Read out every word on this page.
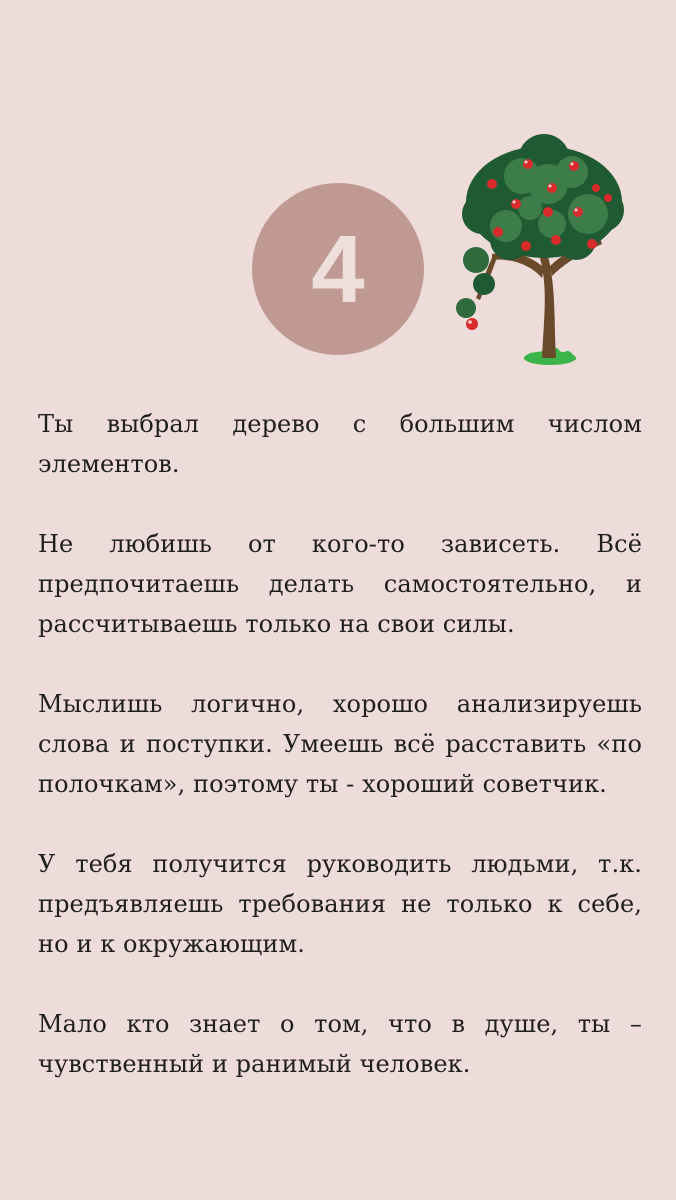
4

Ты выбрал дерево с большим числом элементов.

Не любишь от кого-то зависеть. Всё предпочитаешь делать самостоятельно, и рассчитываешь только на свои силы.

Мыслишь логично, хорошо анализируешь слова и поступки. Умеешь всё расставить «по полочкам», поэтому ты - хороший советчик.

У тебя получится руководить людьми, т.к. предъявляешь требования не только к себе, но и к окружающим.

Мало кто знает о том, что в душе, ты – чувственный и ранимый человек.
